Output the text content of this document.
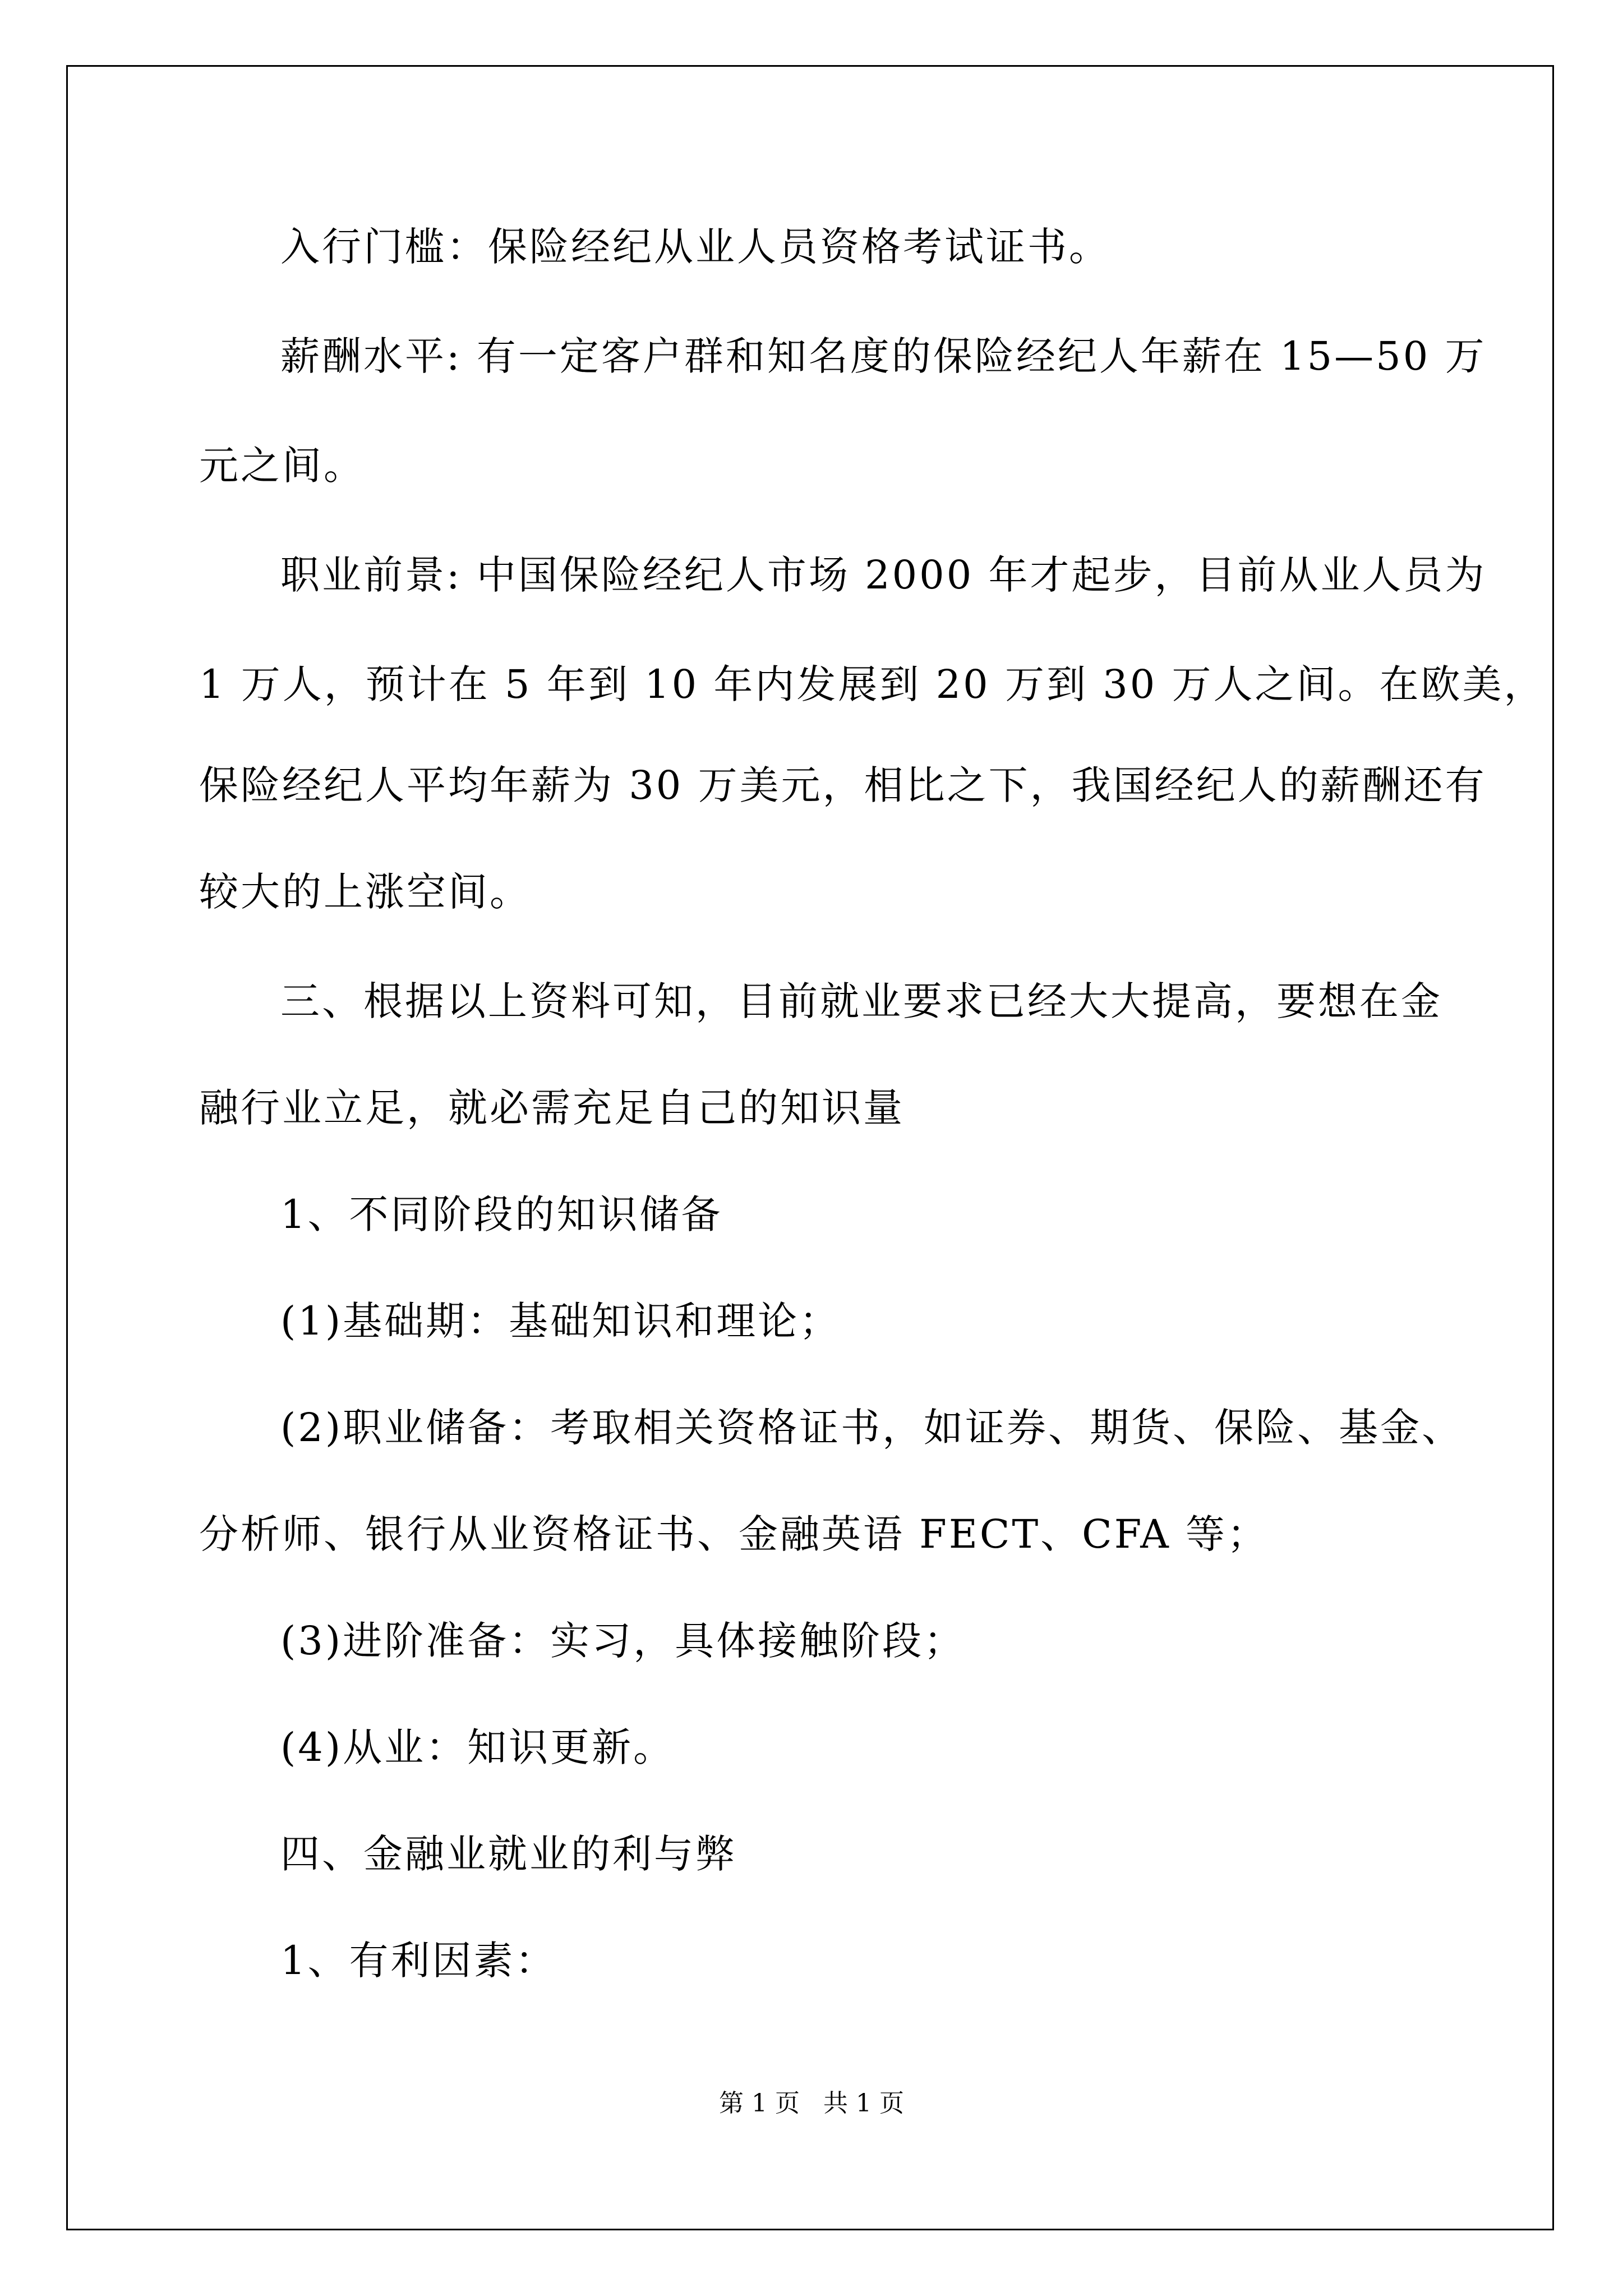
入行门槛：保险经纪从业人员资格考试证书。
薪酬水平: 有一定客户群和知名度的保险经纪人年薪在 15—50 万
元之间。
职业前景: 中国保险经纪人市场 2000 年才起步，目前从业人员为
1 万人，预计在 5 年到 10 年内发展到 20 万到 30 万人之间。在欧美，
保险经纪人平均年薪为 30 万美元，相比之下，我国经纪人的薪酬还有
较大的上涨空间。
三、根据以上资料可知，目前就业要求已经大大提高，要想在金
融行业立足，就必需充足自己的知识量
1、不同阶段的知识储备
(1)基础期：基础知识和理论；
(2)职业储备：考取相关资格证书，如证券、期货、保险、基金、
分析师、银行从业资格证书、金融英语 FECT、CFA 等；
(3)进阶准备：实习，具体接触阶段；
(4)从业：知识更新。
四、金融业就业的利与弊
1、有利因素：
第 1 页 共 1 页
